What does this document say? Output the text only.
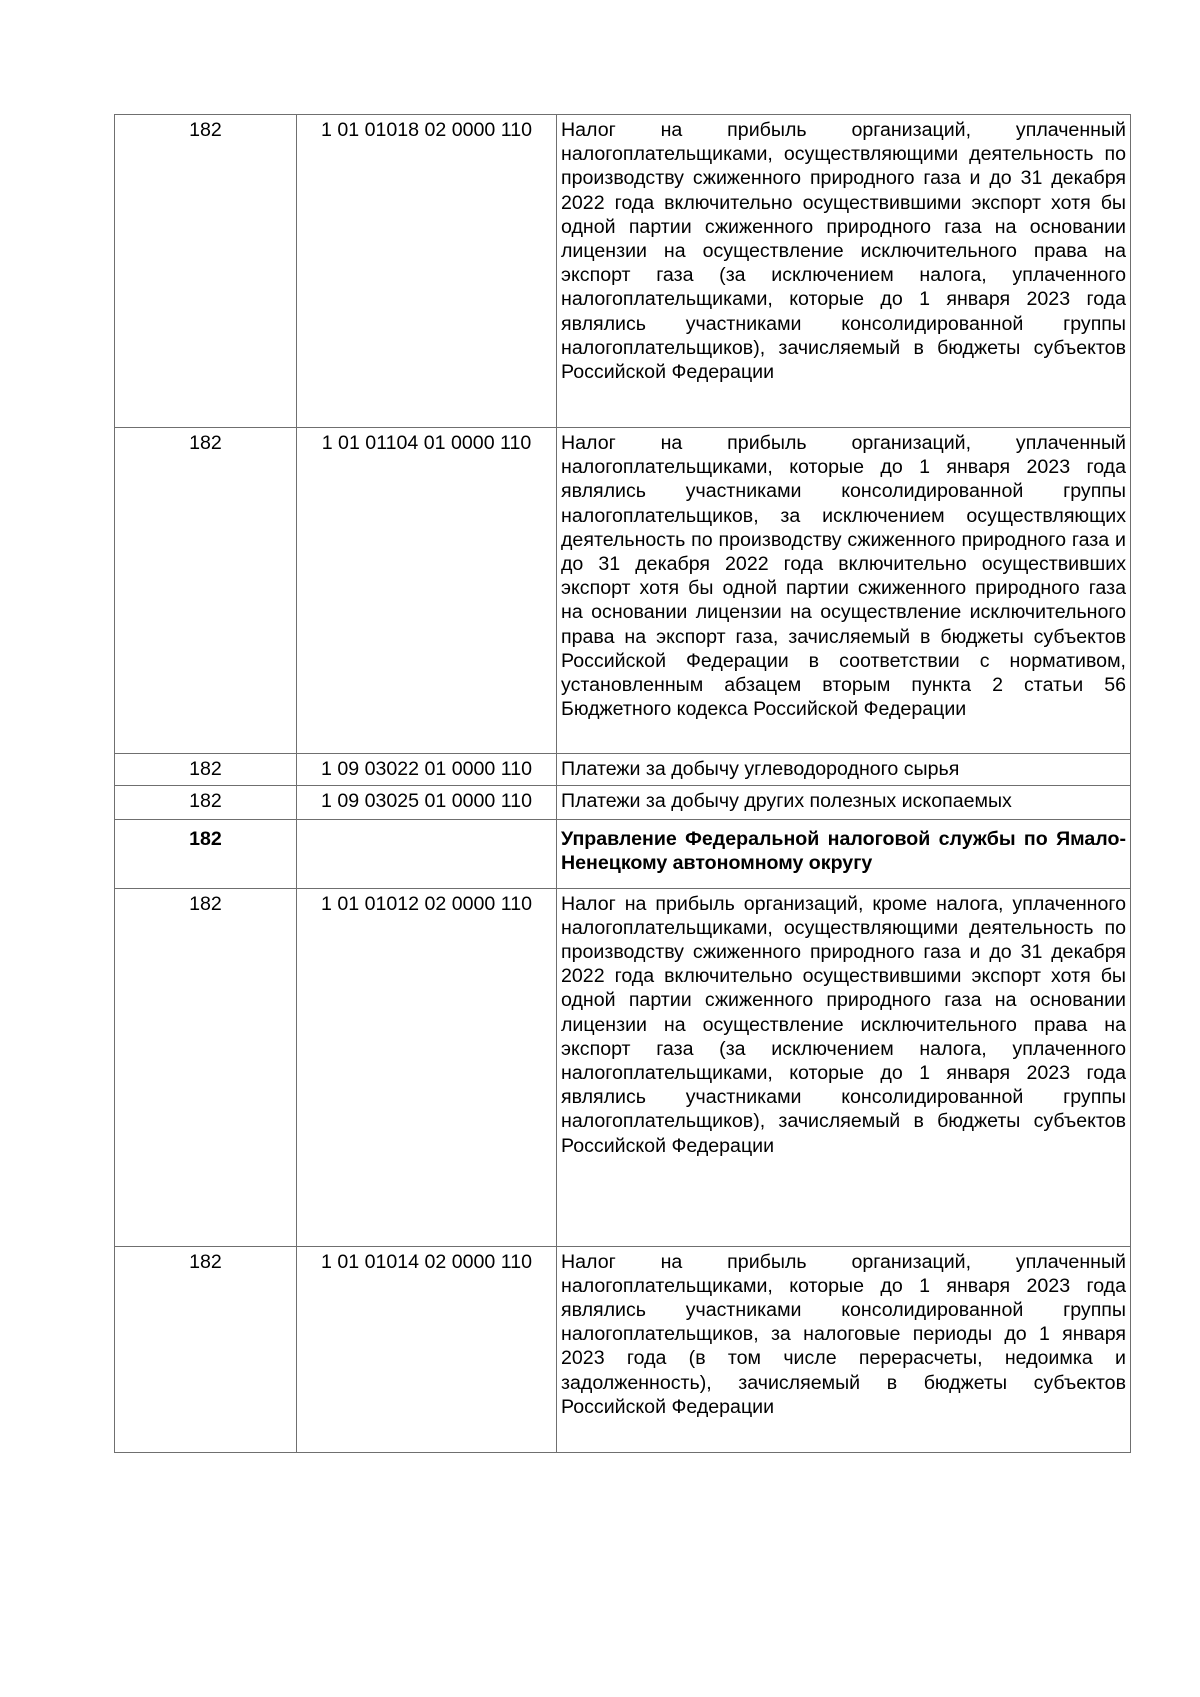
182	1 01 01018 02 0000 110	Налог на прибыль организаций, уплаченный налогоплательщиками, осуществляющими деятельность по производству сжиженного природного газа и до 31 декабря 2022 года включительно осуществившими экспорт хотя бы одной партии сжиженного природного газа на основании лицензии на осуществление исключительного права на экспорт газа (за исключением налога, уплаченного налогоплательщиками, которые до 1 января 2023 года являлись участниками консолидированной группы налогоплательщиков), зачисляемый в бюджеты субъектов Российской Федерации
182	1 01 01104 01 0000 110	Налог на прибыль организаций, уплаченный налогоплательщиками, которые до 1 января 2023 года являлись участниками консолидированной группы налогоплательщиков, за исключением осуществляющих деятельность по производству сжиженного природного газа и до 31 декабря 2022 года включительно осуществивших экспорт хотя бы одной партии сжиженного природного газа на основании лицензии на осуществление исключительного права на экспорт газа, зачисляемый в бюджеты субъектов Российской Федерации в соответствии с нормативом, установленным абзацем вторым пункта 2 статьи 56 Бюджетного кодекса Российской Федерации
182	1 09 03022 01 0000 110	Платежи за добычу углеводородного сырья
182	1 09 03025 01 0000 110	Платежи за добычу других полезных ископаемых
182		Управление Федеральной налоговой службы по Ямало-Ненецкому автономному округу
182	1 01 01012 02 0000 110	Налог на прибыль организаций, кроме налога, уплаченного налогоплательщиками, осуществляющими деятельность по производству сжиженного природного газа и до 31 декабря 2022 года включительно осуществившими экспорт хотя бы одной партии сжиженного природного газа на основании лицензии на осуществление исключительного права на экспорт газа (за исключением налога, уплаченного налогоплательщиками, которые до 1 января 2023 года являлись участниками консолидированной группы налогоплательщиков), зачисляемый в бюджеты субъектов Российской Федерации
182	1 01 01014 02 0000 110	Налог на прибыль организаций, уплаченный налогоплательщиками, которые до 1 января 2023 года являлись участниками консолидированной группы налогоплательщиков, за налоговые периоды до 1 января 2023 года (в том числе перерасчеты, недоимка и задолженность), зачисляемый в бюджеты субъектов Российской Федерации
